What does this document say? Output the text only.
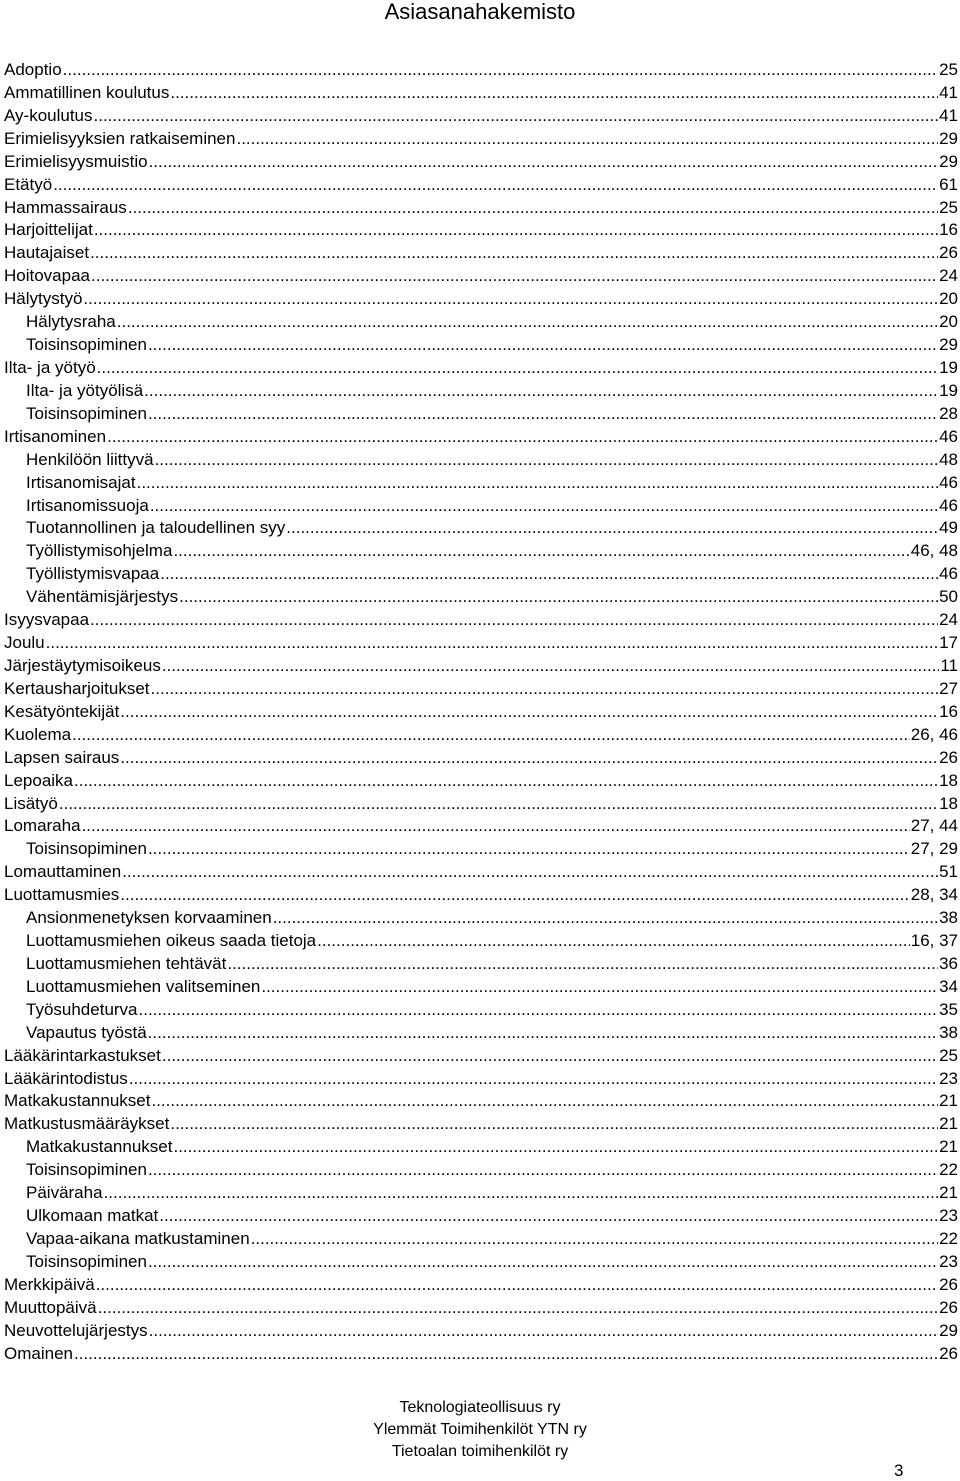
Asiasanahakemisto
Adoptio .....	25
Ammatillinen koulutus .....	41
Ay-koulutus .....	41
Erimielisyyksien ratkaiseminen .....	29
Erimielisyysmuistio .....	29
Etätyö .....	61
Hammassairaus .....	25
Harjoittelijat .....	16
Hautajaiset .....	26
Hoitovapaa .....	24
Hälytystyö .....	20
Hälytysraha .....	20
Toisinsopiminen .....	29
Ilta- ja yötyö .....	19
Ilta- ja yötyölisä .....	19
Toisinsopiminen .....	28
Irtisanominen .....	46
Henkilöön liittyvä .....	48
Irtisanomisajat .....	46
Irtisanomissuoja .....	46
Tuotannollinen ja taloudellinen syy .....	49
Työllistymisohjelma .....	46, 48
Työllistymisvapaa .....	46
Vähentämisjärjestys .....	50
Isyysvapaa .....	24
Joulu .....	17
Järjestäytymisoikeus .....	11
Kertausharjoitukset .....	27
Kesätyöntekijät .....	16
Kuolema .....	26, 46
Lapsen sairaus .....	26
Lepoaika .....	18
Lisätyö .....	18
Lomaraha .....	27, 44
Toisinsopiminen .....	27, 29
Lomauttaminen .....	51
Luottamusmies .....	28, 34
Ansionmenetyksen korvaaminen .....	38
Luottamusmiehen oikeus saada tietoja .....	16, 37
Luottamusmiehen tehtävät .....	36
Luottamusmiehen valitseminen .....	34
Työsuhdeturva .....	35
Vapautus työstä .....	38
Lääkärintarkastukset .....	25
Lääkärintodistus .....	23
Matkakustannukset .....	21
Matkustusmääräykset .....	21
Matkakustannukset .....	21
Toisinsopiminen .....	22
Päiväraha .....	21
Ulkomaan matkat .....	23
Vapaa-aikana matkustaminen .....	22
Toisinsopiminen .....	23
Merkkipäivä .....	26
Muuttopäivä .....	26
Neuvottelujärjestys .....	29
Omainen .....	26
Teknologiateollisuus ry
Ylemmät Toimihenkilöt YTN ry
Tietoalan toimihenkilöt ry
3
